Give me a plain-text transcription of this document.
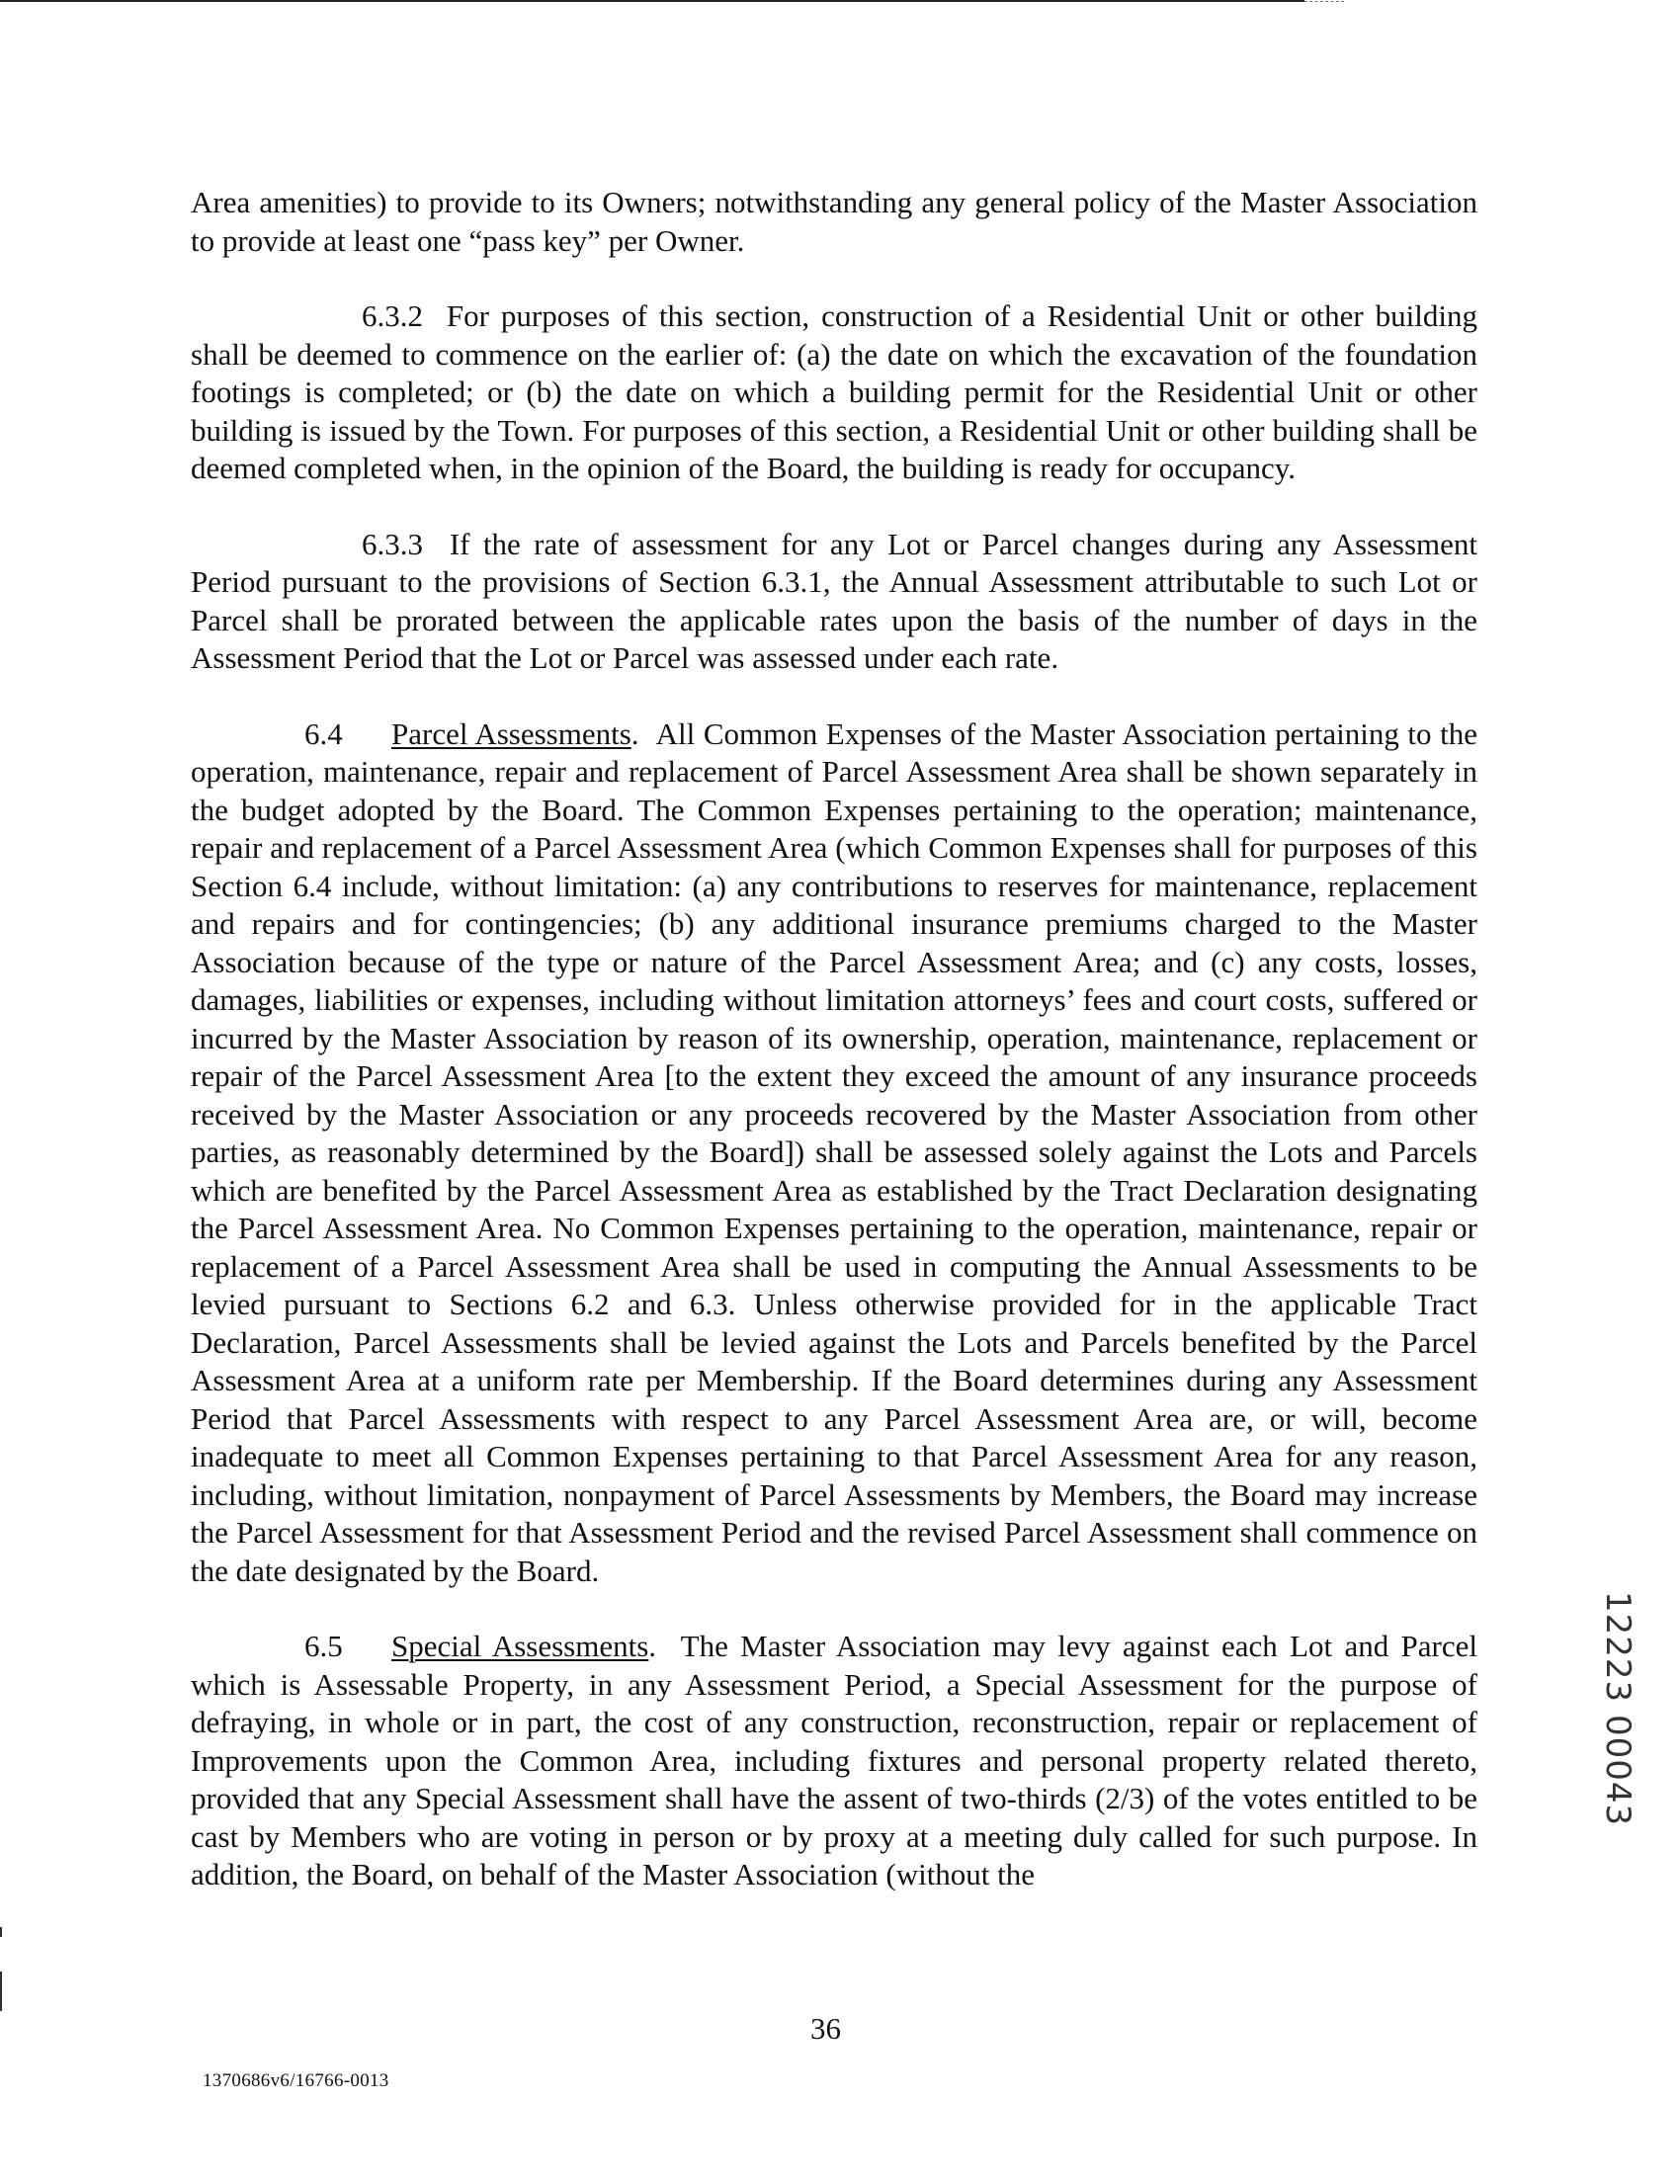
Area amenities) to provide to its Owners; notwithstanding any general policy of the Master Association to provide at least one “pass key” per Owner.

6.3.2 For purposes of this section, construction of a Residential Unit or other building shall be deemed to commence on the earlier of: (a) the date on which the excavation of the foundation footings is completed; or (b) the date on which a building permit for the Residential Unit or other building is issued by the Town. For purposes of this section, a Residential Unit or other building shall be deemed completed when, in the opinion of the Board, the building is ready for occupancy.

6.3.3 If the rate of assessment for any Lot or Parcel changes during any Assessment Period pursuant to the provisions of Section 6.3.1, the Annual Assessment attributable to such Lot or Parcel shall be prorated between the applicable rates upon the basis of the number of days in the Assessment Period that the Lot or Parcel was assessed under each rate.

6.4 Parcel Assessments.  All Common Expenses of the Master Association pertaining to the operation, maintenance, repair and replacement of Parcel Assessment Area shall be shown separately in the budget adopted by the Board. The Common Expenses pertaining to the operation; maintenance, repair and replacement of a Parcel Assessment Area (which Common Expenses shall for purposes of this Section 6.4 include, without limitation: (a) any contributions to reserves for maintenance, replacement and repairs and for contingencies; (b) any additional insurance premiums charged to the Master Association because of the type or nature of the Parcel Assessment Area; and (c) any costs, losses, damages, liabilities or expenses, including without limitation attorneys’ fees and court costs, suffered or incurred by the Master Association by reason of its ownership, operation, maintenance, replacement or repair of the Parcel Assessment Area [to the extent they exceed the amount of any insurance proceeds received by the Master Association or any proceeds recovered by the Master Association from other parties, as reasonably determined by the Board]) shall be assessed solely against the Lots and Parcels which are benefited by the Parcel Assessment Area as established by the Tract Declaration designating the Parcel Assessment Area. No Common Expenses pertaining to the operation, maintenance, repair or replacement of a Parcel Assessment Area shall be used in computing the Annual Assessments to be levied pursuant to Sections 6.2 and 6.3. Unless otherwise provided for in the applicable Tract Declaration, Parcel Assessments shall be levied against the Lots and Parcels benefited by the Parcel Assessment Area at a uniform rate per Membership. If the Board determines during any Assessment Period that Parcel Assessments with respect to any Parcel Assessment Area are, or will, become inadequate to meet all Common Expenses pertaining to that Parcel Assessment Area for any reason, including, without limitation, nonpayment of Parcel Assessments by Members, the Board may increase the Parcel Assessment for that Assessment Period and the revised Parcel Assessment shall commence on the date designated by the Board.

6.5 Special Assessments.  The Master Association may levy against each Lot and Parcel which is Assessable Property, in any Assessment Period, a Special Assessment for the purpose of defraying, in whole or in part, the cost of any construction, reconstruction, repair or replacement of Improvements upon the Common Area, including fixtures and personal property related thereto, provided that any Special Assessment shall have the assent of two-thirds (2/3) of the votes entitled to be cast by Members who are voting in person or by proxy at a meeting duly called for such purpose. In addition, the Board, on behalf of the Master Association (without the

36
1370686v6/16766-0013
12223 00043
